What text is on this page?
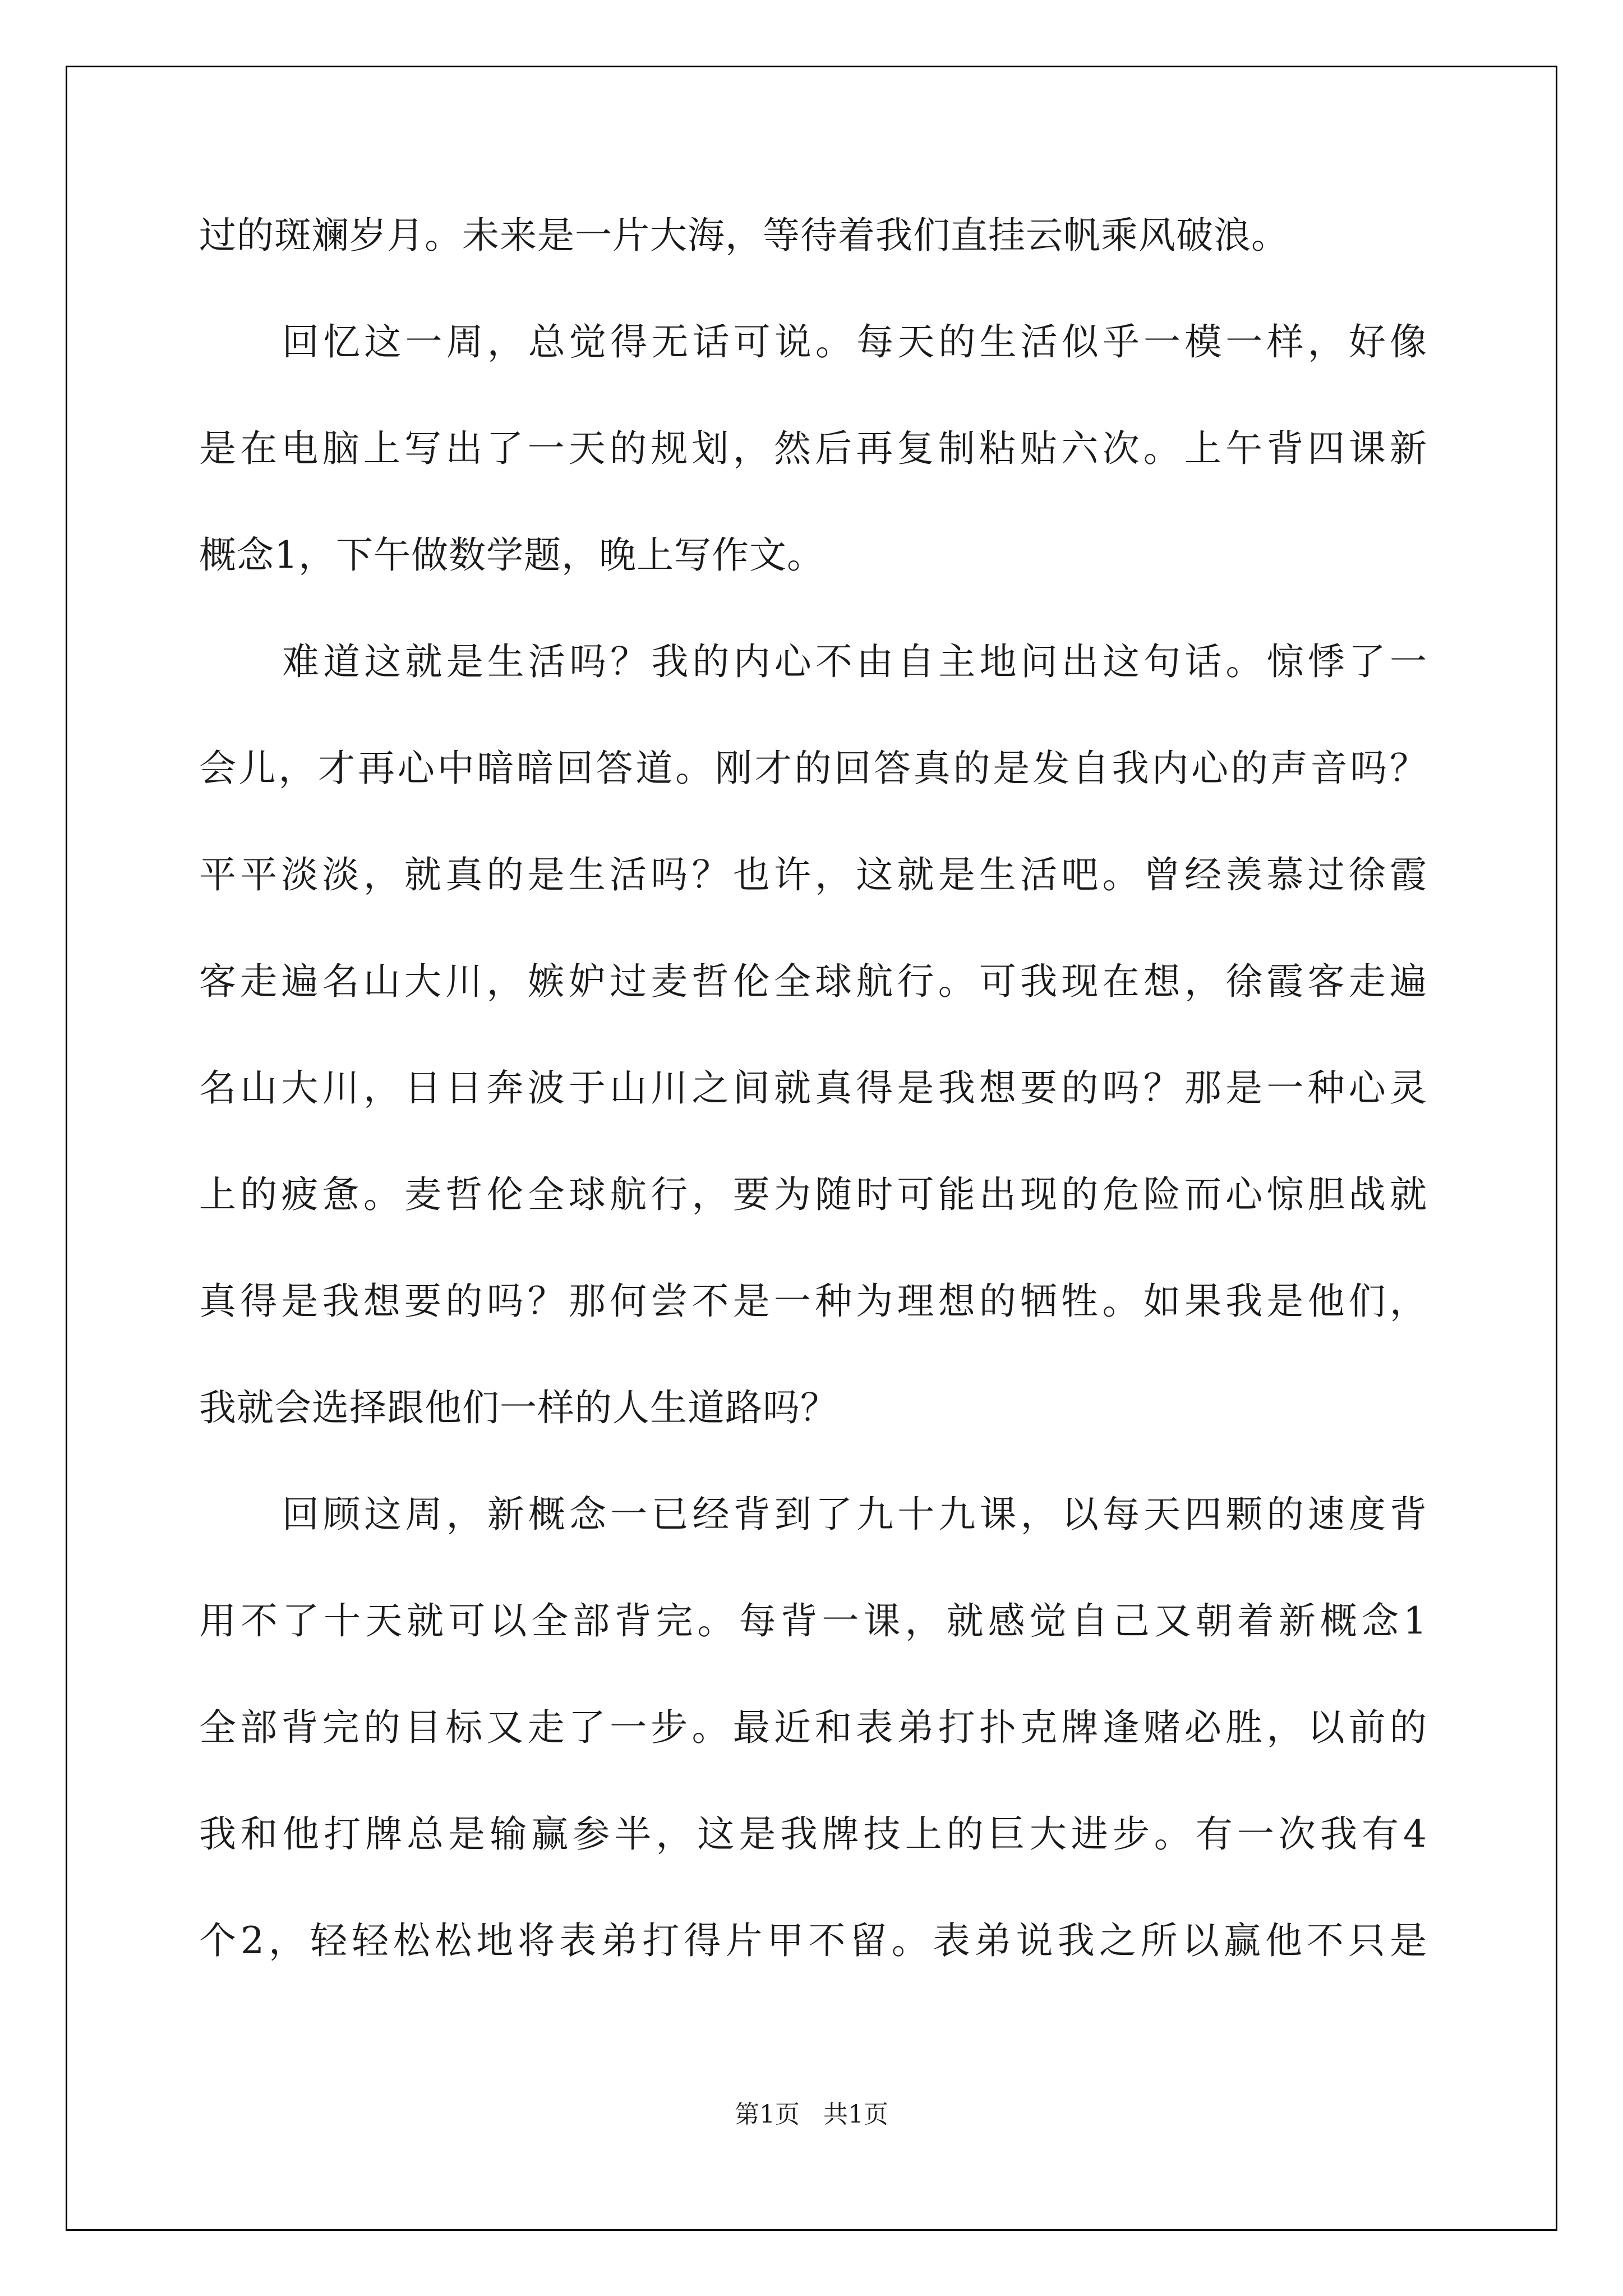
过的斑斓岁月。未来是一片大海，等待着我们直挂云帆乘风破浪。
回忆这一周，总觉得无话可说。每天的生活似乎一模一样，好像
是在电脑上写出了一天的规划，然后再复制粘贴六次。上午背四课新
概念1，下午做数学题，晚上写作文。
难道这就是生活吗？我的内心不由自主地问出这句话。惊悸了一
会儿，才再心中暗暗回答道。刚才的回答真的是发自我内心的声音吗？
平平淡淡，就真的是生活吗？也许，这就是生活吧。曾经羡慕过徐霞
客走遍名山大川，嫉妒过麦哲伦全球航行。可我现在想，徐霞客走遍
名山大川，日日奔波于山川之间就真得是我想要的吗？那是一种心灵
上的疲惫。麦哲伦全球航行，要为随时可能出现的危险而心惊胆战就
真得是我想要的吗？那何尝不是一种为理想的牺牲。如果我是他们，
我就会选择跟他们一样的人生道路吗？
回顾这周，新概念一已经背到了九十九课，以每天四颗的速度背
用不了十天就可以全部背完。每背一课，就感觉自己又朝着新概念1
全部背完的目标又走了一步。最近和表弟打扑克牌逢赌必胜，以前的
我和他打牌总是输赢参半，这是我牌技上的巨大进步。有一次我有4
个2，轻轻松松地将表弟打得片甲不留。表弟说我之所以赢他不只是
第1页   共1页
